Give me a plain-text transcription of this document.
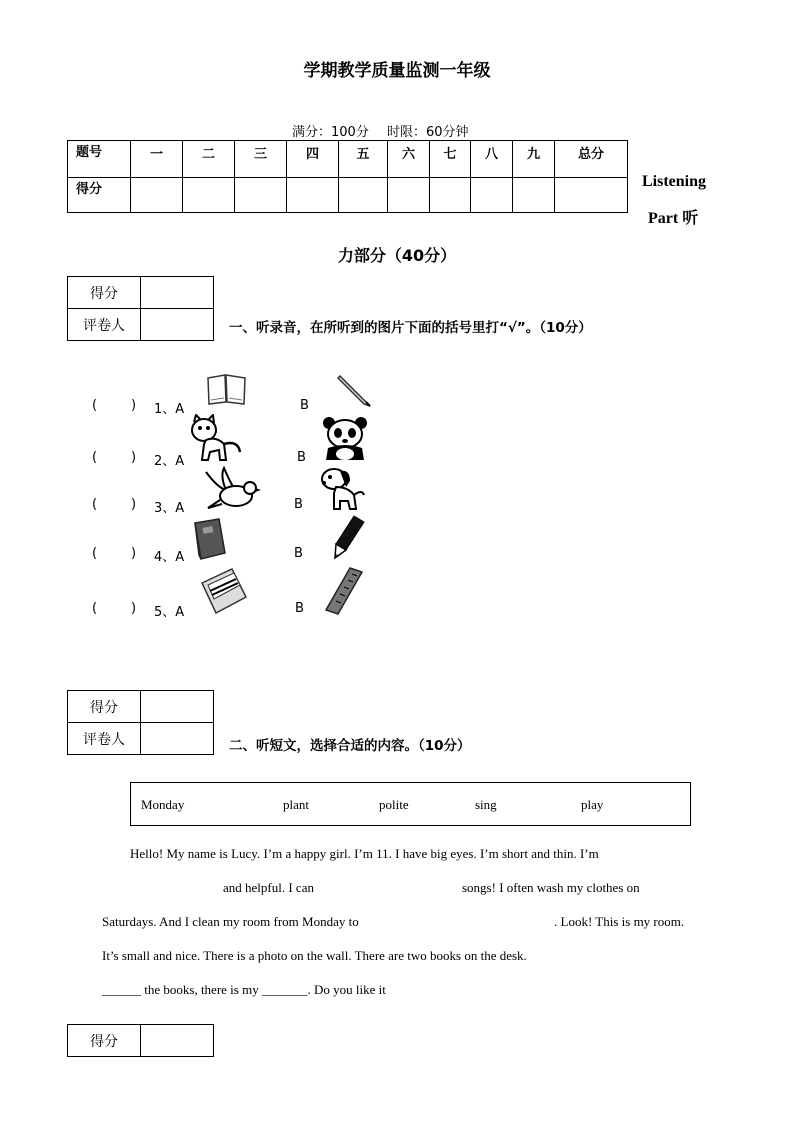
学期教学质量监测一年级
满分：100分 时限：60分钟
题号	一	二	三	四	五	六	七	八	九	总分
得分											Listening
Part 听
力部分（40分）
得分	
评卷人		一、听录音，在所听到的图片下面的括号里打“√”。（10分）
(	) 1、A	B
(	) 2、A	B
(	) 3、A	B
(	) 4、A	B
(	) 5、A	B
得分	
评卷人		二、听短文，选择合适的内容。（10分）
Monday	plant	polite	sing	play
Hello! My name is Lucy. I’m a happy girl. I’m 11. I have big eyes. I’m short and thin. I’m
and helpful. I can	songs! I often wash my clothes on
Saturdays. And I clean my room from Monday to	. Look! This is my room.
It’s small and nice. There is a photo on the wall. There are two books on the desk.
______ the books, there is my _______. Do you like it
得分	
